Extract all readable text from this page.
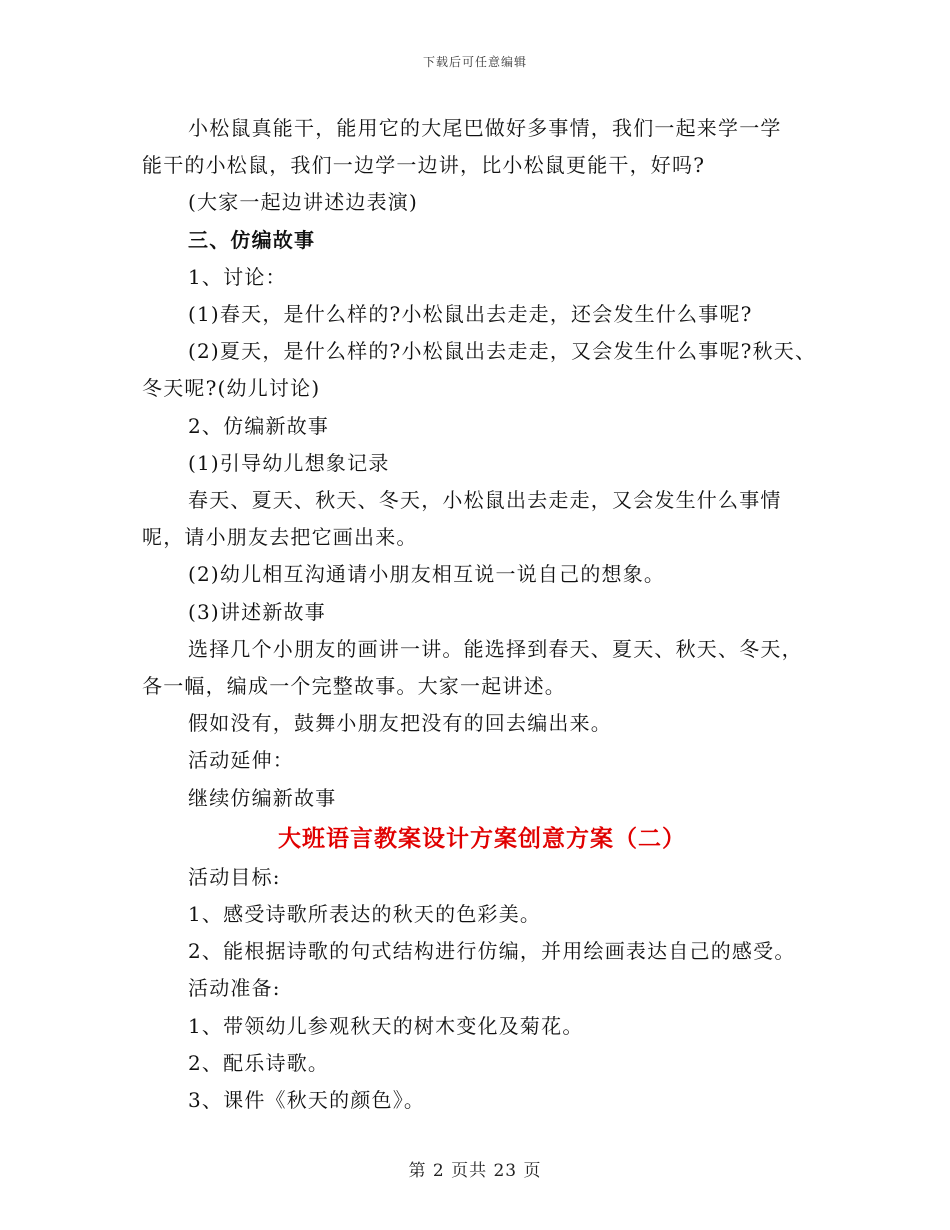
下载后可任意编辑

小松鼠真能干，能用它的大尾巴做好多事情，我们一起来学一学

能干的小松鼠，我们一边学一边讲，比小松鼠更能干，好吗?

(大家一起边讲述边表演)

三、仿编故事

1、讨论：

(1)春天，是什么样的?小松鼠出去走走，还会发生什么事呢?

(2)夏天，是什么样的?小松鼠出去走走，又会发生什么事呢?秋天、

冬天呢?(幼儿讨论)

2、仿编新故事

(1)引导幼儿想象记录

春天、夏天、秋天、冬天，小松鼠出去走走，又会发生什么事情

呢，请小朋友去把它画出来。

(2)幼儿相互沟通请小朋友相互说一说自己的想象。

(3)讲述新故事

选择几个小朋友的画讲一讲。能选择到春天、夏天、秋天、冬天，

各一幅，编成一个完整故事。大家一起讲述。

假如没有，鼓舞小朋友把没有的回去编出来。

活动延伸：

继续仿编新故事

大班语言教案设计方案创意方案（二）

活动目标:

1、感受诗歌所表达的秋天的色彩美。

2、能根据诗歌的句式结构进行仿编，并用绘画表达自己的感受。

活动准备:

1、带领幼儿参观秋天的树木变化及菊花。

2、配乐诗歌。

3、课件《秋天的颜色》。

第 2 页共 23 页
